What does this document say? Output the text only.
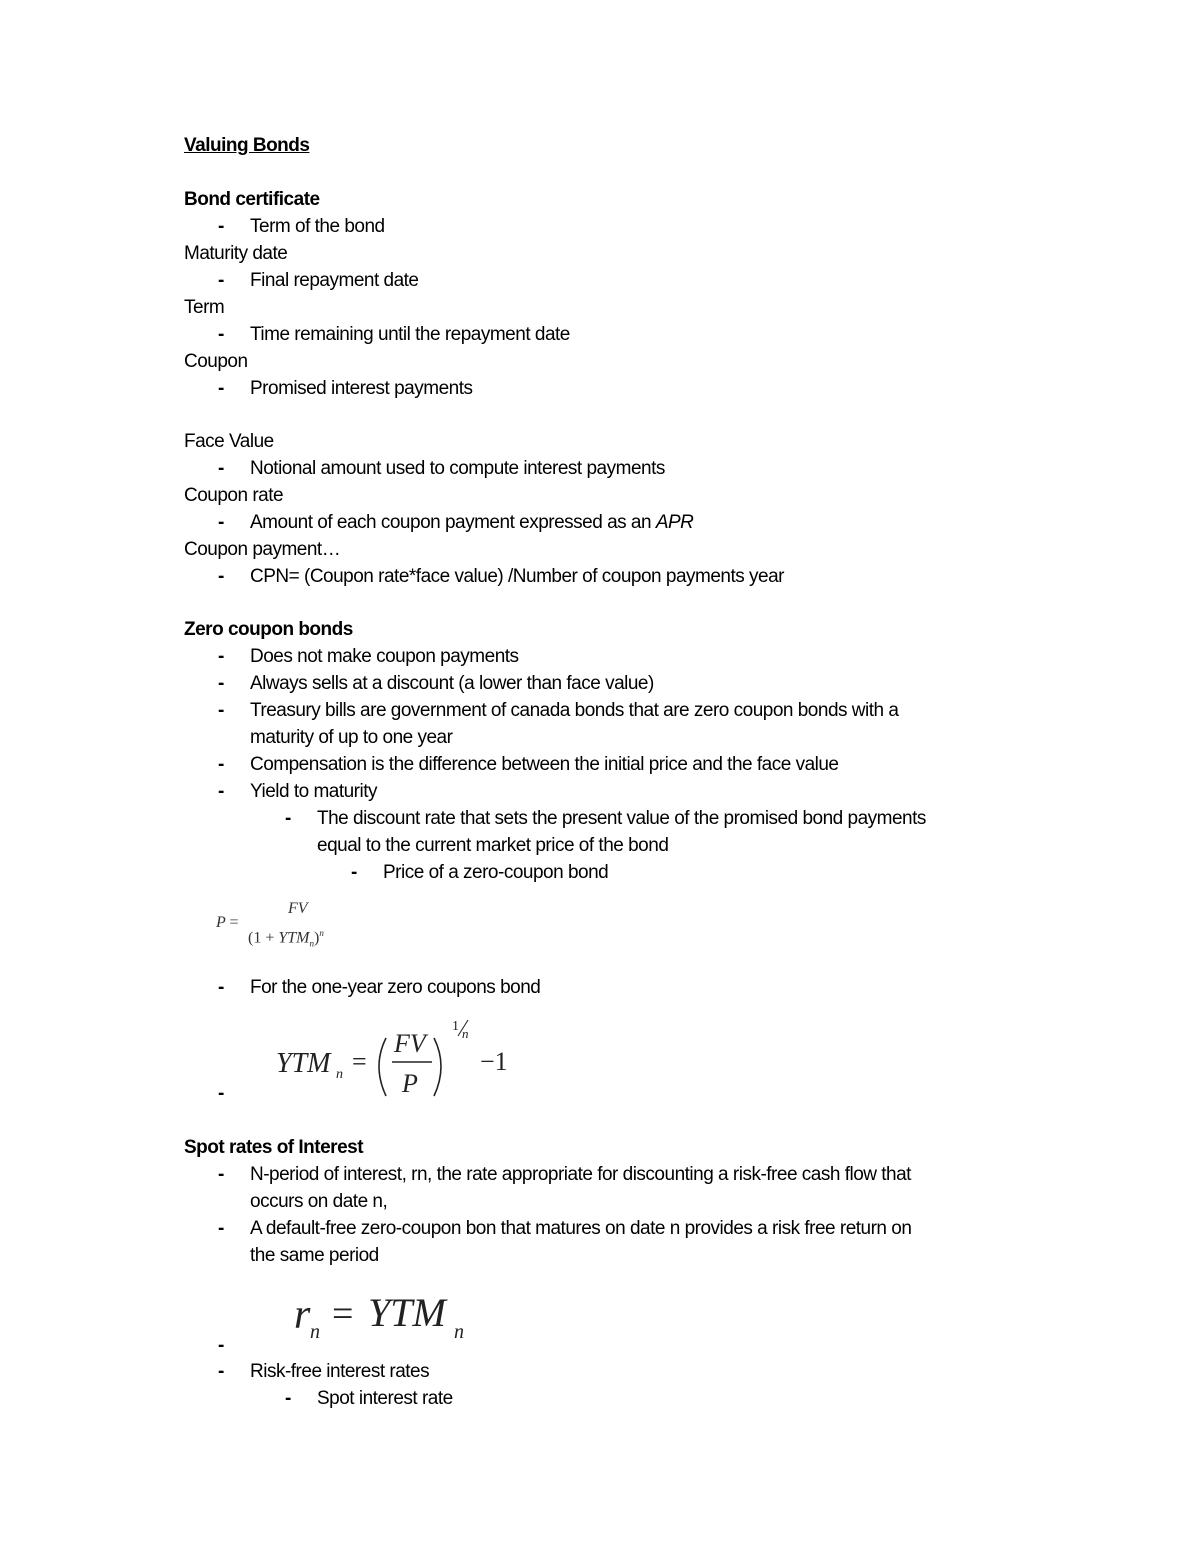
Valuing Bonds
Bond certificate
- Term of the bond
Maturity date
- Final repayment date
Term
- Time remaining until the repayment date
Coupon
- Promised interest payments
Face Value
- Notional amount used to compute interest payments
Coupon rate
- Amount of each coupon payment expressed as an APR
Coupon payment…
- CPN= (Coupon rate*face value) /Number of coupon payments year
Zero coupon bonds
- Does not make coupon payments
- Always sells at a discount (a lower than face value)
- Treasury bills are government of canada bonds that are zero coupon bonds with a
maturity of up to one year
- Compensation is the difference between the initial price and the face value
- Yield to maturity
- The discount rate that sets the present value of the promised bond payments
equal to the current market price of the bond
- Price of a zero-coupon bond
P =
FV
$(1 + YTM_n)^n$
- For the one-year zero coupons bond
YTM n =
FV
P
1 n
−1
-
Spot rates of Interest
- N-period of interest, rn, the rate appropriate for discounting a risk-free cash flow that
occurs on date n,
- A default-free zero-coupon bon that matures on date n provides a risk free return on
the same period
r n = YTM n
-
- Risk-free interest rates
- Spot interest rate
